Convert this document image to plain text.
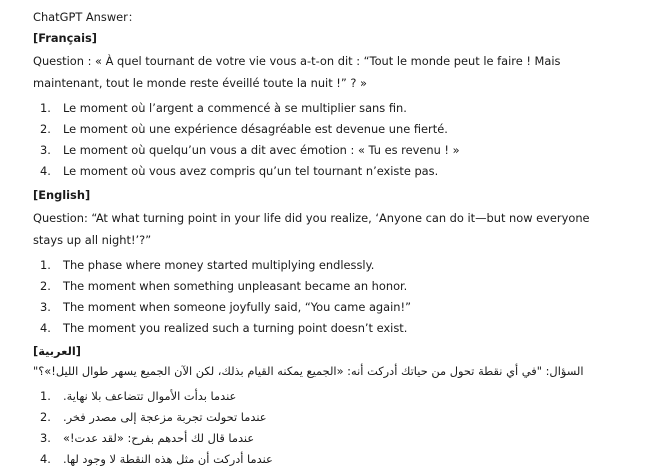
ChatGPT Answer：
[Français]
Question : « À quel tournant de votre vie vous a-t-on dit : “Tout le monde peut le faire ! Mais maintenant, tout le monde reste éveillé toute la nuit !” ? »
1.	Le moment où l’argent a commencé à se multiplier sans fin.
2.	Le moment où une expérience désagréable est devenue une fierté.
3.	Le moment où quelqu’un vous a dit avec émotion : « Tu es revenu ! »
4.	Le moment où vous avez compris qu’un tel tournant n’existe pas.
[English]
Question: “At what turning point in your life did you realize, ‘Anyone can do it—but now everyone stays up all night!’?”
1.	The phase where money started multiplying endlessly.
2.	The moment when something unpleasant became an honor.
3.	The moment when someone joyfully said, “You came again!”
4.	The moment you realized such a turning point doesn’t exist.
[العربية]
السؤال: "في أي نقطة تحول من حياتك أدركت أنه: «الجميع يمكنه القيام بذلك، لكن الآن الجميع يسهر طوال الليل!»؟"
1.	عندما بدأت الأموال تتضاعف بلا نهاية.
2.	عندما تحولت تجربة مزعجة إلى مصدر فخر.
3.	عندما قال لك أحدهم بفرح: «لقد عدت!»
4.	عندما أدركت أن مثل هذه النقطة لا وجود لها.
